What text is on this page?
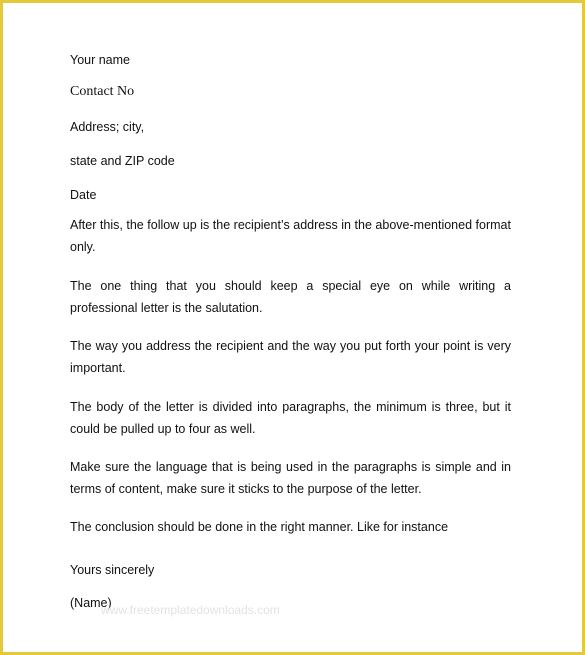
Your name

Contact No

Address; city,

state and ZIP code

Date

After this, the follow up is the recipient’s address in the above-mentioned format only.

The one thing that you should keep a special eye on while writing a professional letter is the salutation.

The way you address the recipient and the way you put forth your point is very important.

The body of the letter is divided into paragraphs, the minimum is three, but it could be pulled up to four as well.

Make sure the language that is being used in the paragraphs is simple and in terms of content, make sure it sticks to the purpose of the letter.

The conclusion should be done in the right manner. Like for instance

Yours sincerely

(Name)

www.freetemplatedownloads.com
